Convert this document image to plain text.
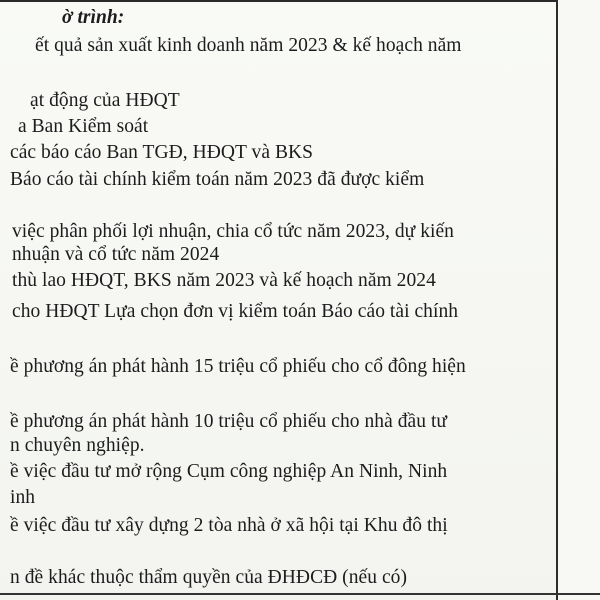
ờ trình:
ết quả sản xuất kinh doanh năm 2023 & kế hoạch năm
ạt động của HĐQT
a Ban Kiểm soát
các báo cáo Ban TGĐ, HĐQT và BKS
Báo cáo tài chính kiểm toán năm 2023 đã được kiểm
việc phân phối lợi nhuận, chia cổ tức năm 2023, dự kiến
nhuận và cổ tức năm 2024
thù lao HĐQT, BKS năm 2023 và kế hoạch năm 2024
cho HĐQT Lựa chọn đơn vị kiểm toán Báo cáo tài chính
ề phương án phát hành 15 triệu cổ phiếu cho cổ đông hiện
ề phương án phát hành 10 triệu cổ phiếu cho nhà đầu tư
n chuyên nghiệp.
ề việc đầu tư mở rộng Cụm công nghiệp An Ninh, Ninh
inh
ề việc đầu tư xây dựng 2 tòa nhà ở xã hội tại Khu đô thị
n đề khác thuộc thẩm quyền của ĐHĐCĐ (nếu có)
